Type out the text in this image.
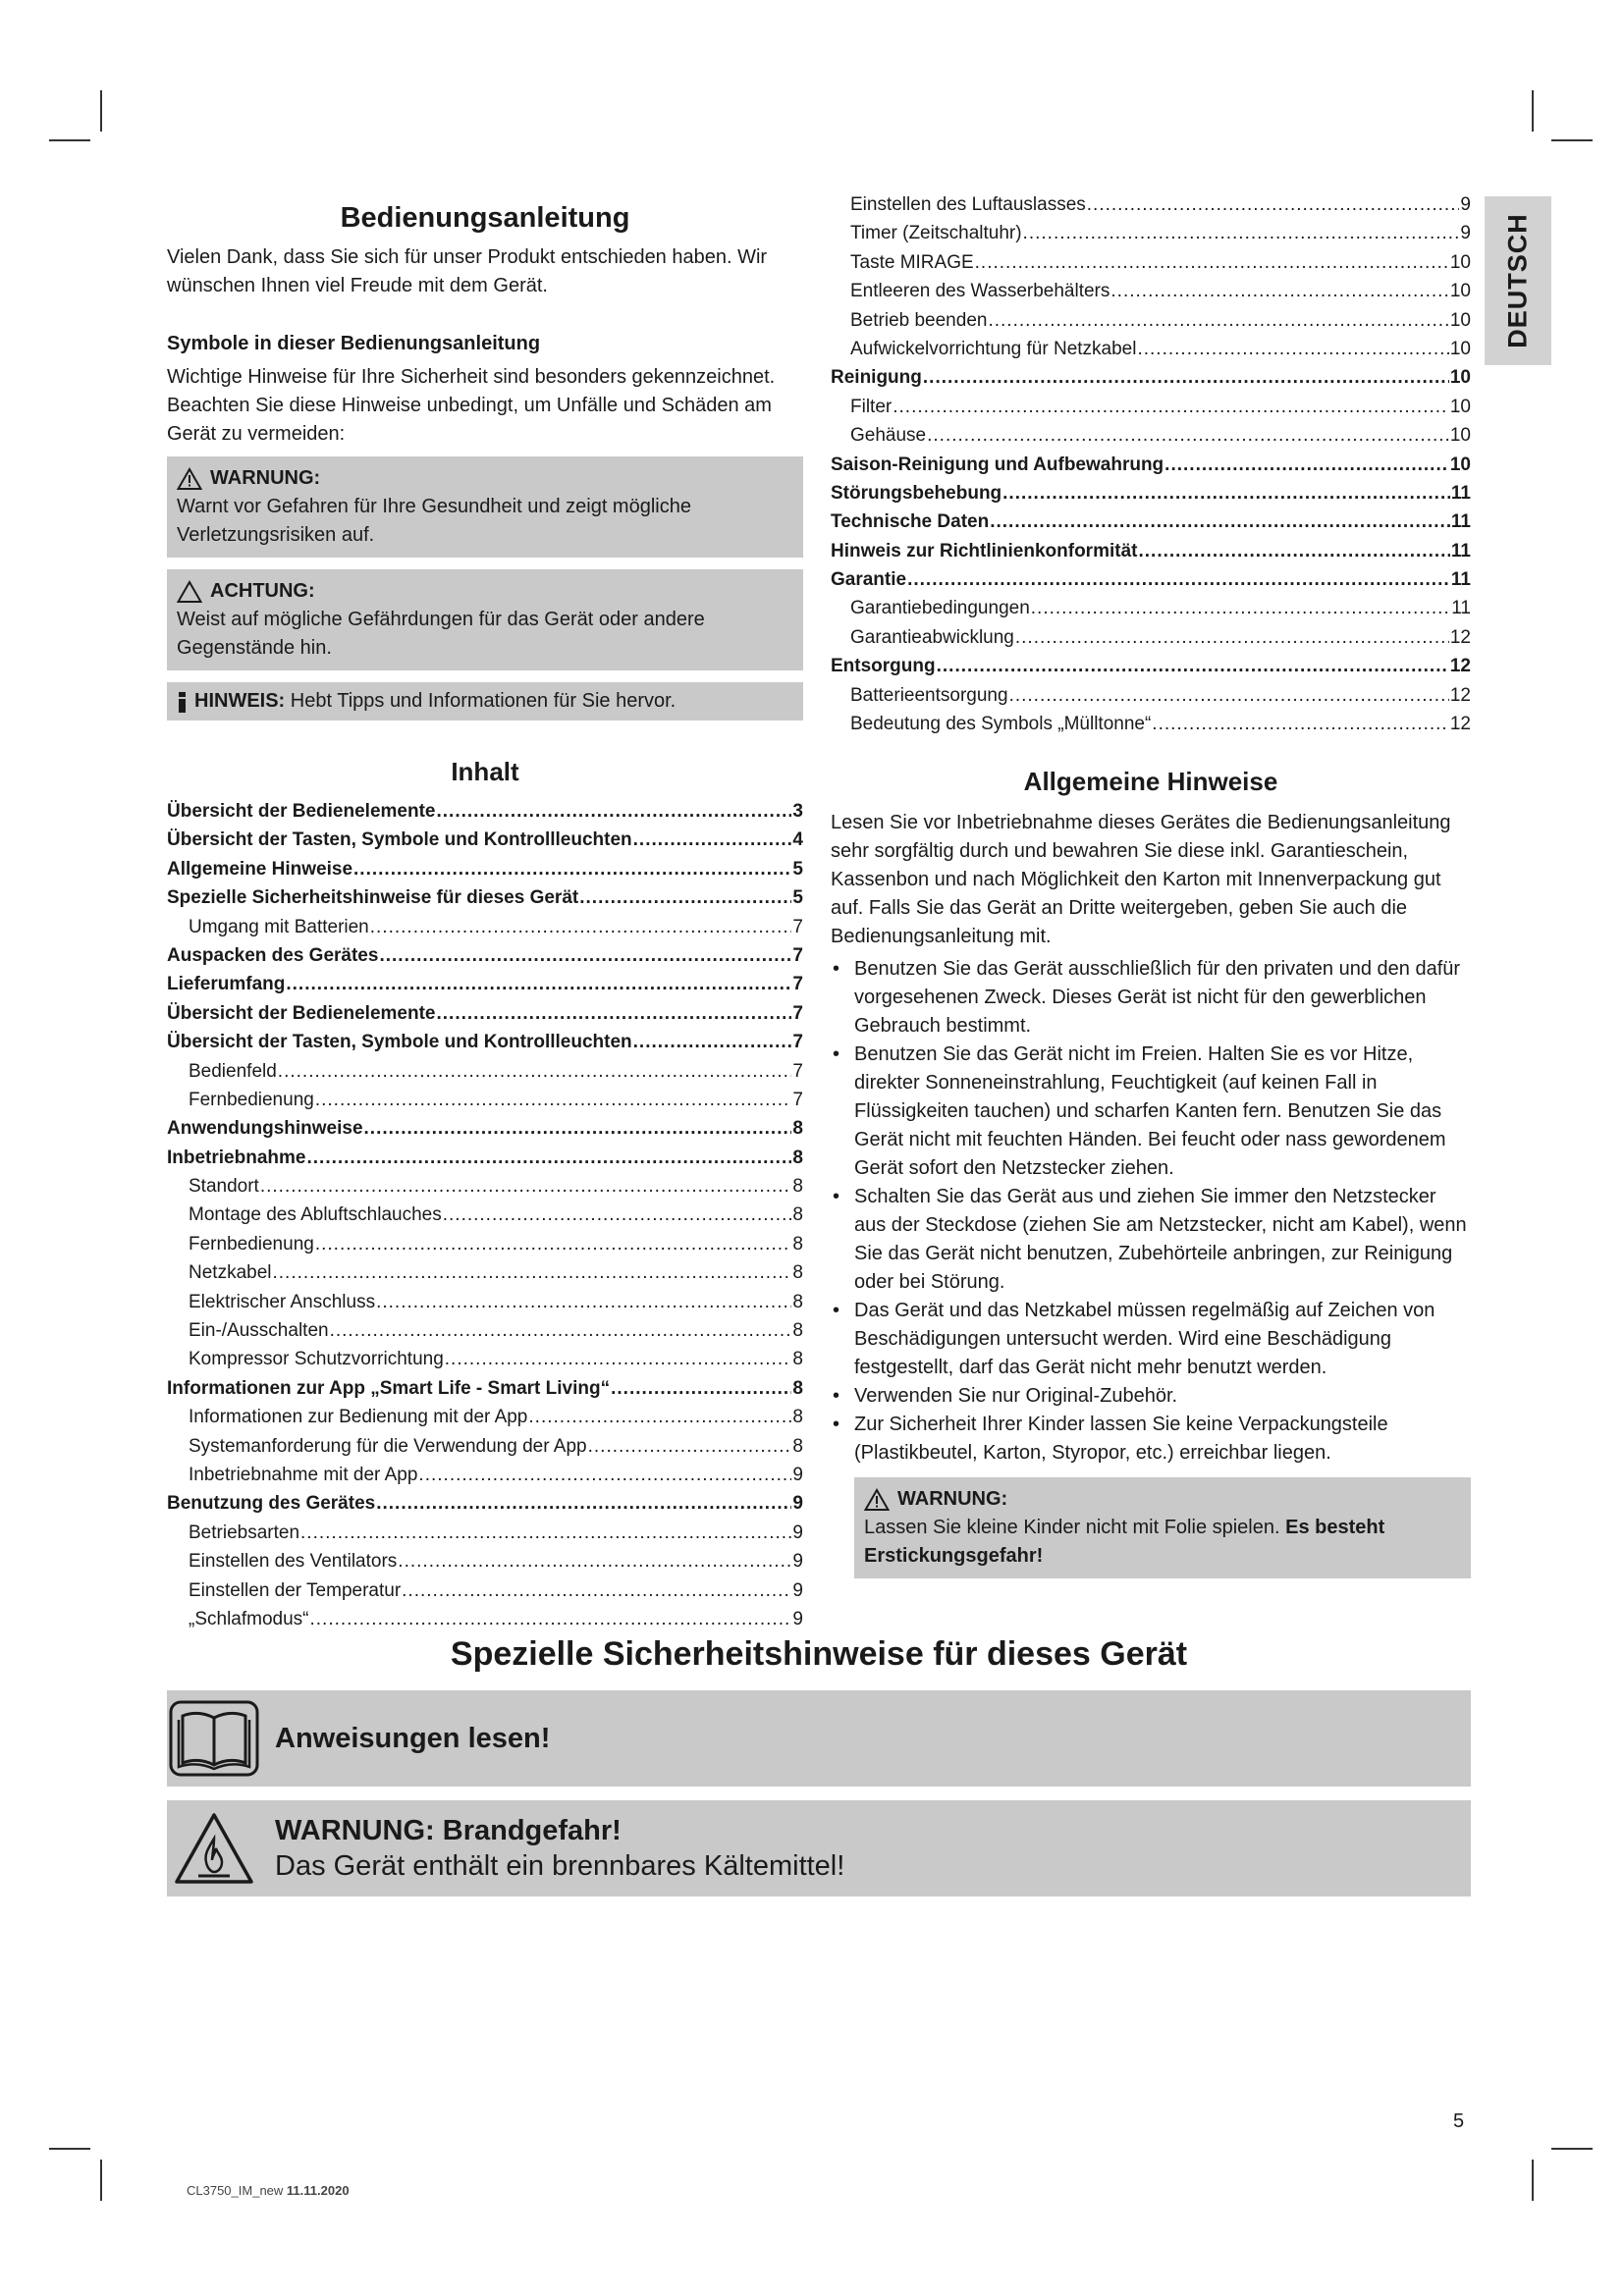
DEUTSCH
Bedienungsanleitung

Vielen Dank, dass Sie sich für unser Produkt entschieden haben. Wir wünschen Ihnen viel Freude mit dem Gerät.

Symbole in dieser Bedienungsanleitung

Wichtige Hinweise für Ihre Sicherheit sind besonders gekennzeichnet. Beachten Sie diese Hinweise unbedingt, um Unfälle und Schäden am Gerät zu vermeiden:

WARNUNG:
Warnt vor Gefahren für Ihre Gesundheit und zeigt mögliche Verletzungsrisiken auf.
ACHTUNG:
Weist auf mögliche Gefährdungen für das Gerät oder andere Gegenstände hin.
HINWEIS: Hebt Tipps und Informationen für Sie hervor.
Inhalt
Übersicht der Bedienelemente .....	3
Übersicht der Tasten, Symbole und Kontrollleuchten .....	4
Allgemeine Hinweise .....	5
Spezielle Sicherheitshinweise für dieses Gerät .....	5
Umgang mit Batterien .....	7
Auspacken des Gerätes .....	7
Lieferumfang .....	7
Übersicht der Bedienelemente .....	7
Übersicht der Tasten, Symbole und Kontrollleuchten .....	7
Bedienfeld .....	7
Fernbedienung .....	7
Anwendungshinweise .....	8
Inbetriebnahme .....	8
Standort .....	8
Montage des Abluftschlauches .....	8
Fernbedienung .....	8
Netzkabel .....	8
Elektrischer Anschluss .....	8
Ein-/Ausschalten .....	8
Kompressor Schutzvorrichtung .....	8
Informationen zur App „Smart Life - Smart Living“ .....	8
Informationen zur Bedienung mit der App .....	8
Systemanforderung für die Verwendung der App .....	8
Inbetriebnahme mit der App .....	9
Benutzung des Gerätes .....	9
Betriebsarten .....	9
Einstellen des Ventilators .....	9
Einstellen der Temperatur .....	9
„Schlafmodus“ .....	9
Einstellen des Luftauslasses .....	9
Timer (Zeitschaltuhr) .....	9
Taste MIRAGE .....	10
Entleeren des Wasserbehälters .....	10
Betrieb beenden .....	10
Aufwickelvorrichtung für Netzkabel .....	10
Reinigung .....	10
Filter .....	10
Gehäuse .....	10
Saison-Reinigung und Aufbewahrung .....	10
Störungsbehebung .....	11
Technische Daten .....	11
Hinweis zur Richtlinienkonformität .....	11
Garantie .....	11
Garantiebedingungen .....	11
Garantieabwicklung .....	12
Entsorgung .....	12
Batterieentsorgung .....	12
Bedeutung des Symbols „Mülltonne“ .....	12
Allgemeine Hinweise

Lesen Sie vor Inbetriebnahme dieses Gerätes die Bedienungsanleitung sehr sorgfältig durch und bewahren Sie diese inkl. Garantieschein, Kassenbon und nach Möglichkeit den Karton mit Innenverpackung gut auf. Falls Sie das Gerät an Dritte weitergeben, geben Sie auch die Bedienungsanleitung mit.

• Benutzen Sie das Gerät ausschließlich für den privaten und den dafür vorgesehenen Zweck. Dieses Gerät ist nicht für den gewerblichen Gebrauch bestimmt.
• Benutzen Sie das Gerät nicht im Freien. Halten Sie es vor Hitze, direkter Sonneneinstrahlung, Feuchtigkeit (auf keinen Fall in Flüssigkeiten tauchen) und scharfen Kanten fern. Benutzen Sie das Gerät nicht mit feuchten Händen. Bei feucht oder nass gewordenem Gerät sofort den Netzstecker ziehen.
• Schalten Sie das Gerät aus und ziehen Sie immer den Netzstecker aus der Steckdose (ziehen Sie am Netzstecker, nicht am Kabel), wenn Sie das Gerät nicht benutzen, Zubehörteile anbringen, zur Reinigung oder bei Störung.
• Das Gerät und das Netzkabel müssen regelmäßig auf Zeichen von Beschädigungen untersucht werden. Wird eine Beschädigung festgestellt, darf das Gerät nicht mehr benutzt werden.
• Verwenden Sie nur Original-Zubehör.
• Zur Sicherheit Ihrer Kinder lassen Sie keine Verpackungsteile (Plastikbeutel, Karton, Styropor, etc.) erreichbar liegen.
WARNUNG:
Lassen Sie kleine Kinder nicht mit Folie spielen. Es besteht Erstickungsgefahr!
Spezielle Sicherheitshinweise für dieses Gerät
Anweisungen lesen!
WARNUNG: Brandgefahr!
Das Gerät enthält ein brennbares Kältemittel!
5
CL3750_IM_new 11.11.2020
